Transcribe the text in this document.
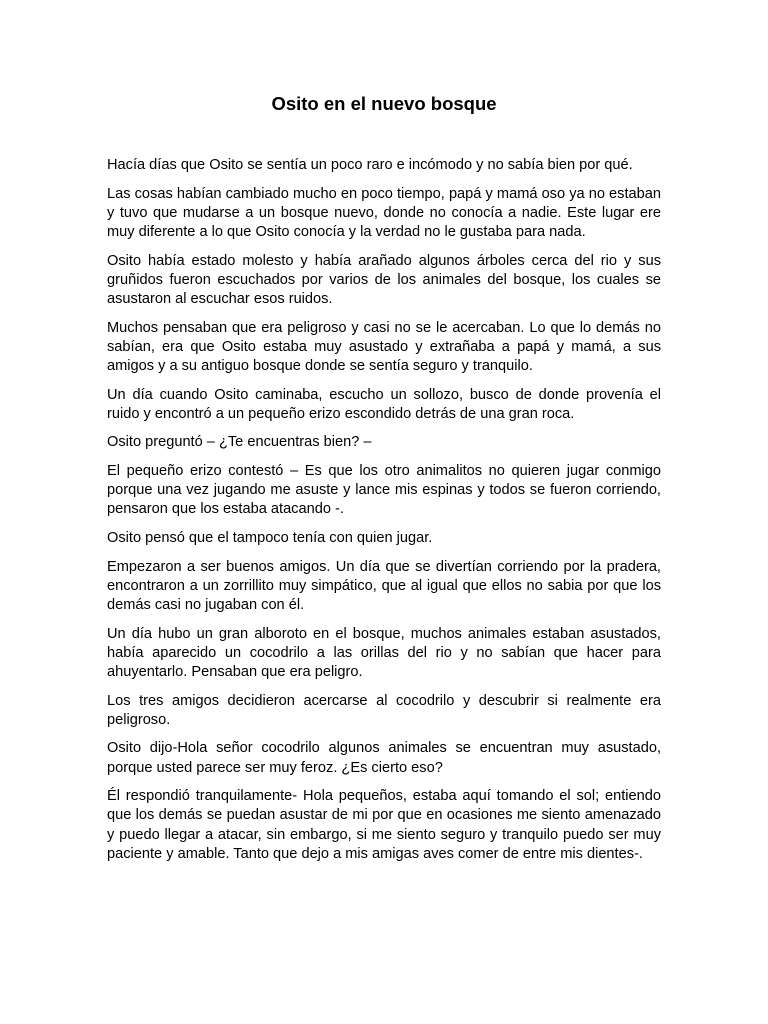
Osito en el nuevo bosque

Hacía días que Osito se sentía un poco raro e incómodo y no sabía bien por qué.

Las cosas habían cambiado mucho en poco tiempo, papá y mamá oso ya no estaban y tuvo que mudarse a un bosque nuevo, donde no conocía a nadie. Este lugar ere muy diferente a lo que Osito conocía y la verdad no le gustaba para nada.

Osito había estado molesto y había arañado algunos árboles cerca del rio y sus gruñidos fueron escuchados por varios de los animales del bosque, los cuales se asustaron al escuchar esos ruidos.

Muchos pensaban que era peligroso y casi no se le acercaban. Lo que lo demás no sabían, era que Osito estaba muy asustado y extrañaba a papá y mamá, a sus amigos y a su antiguo bosque donde se sentía seguro y tranquilo.

Un día cuando Osito caminaba, escucho un sollozo, busco de donde provenía el ruido y encontró a un pequeño erizo escondido detrás de una gran roca.

Osito preguntó – ¿Te encuentras bien? –

El pequeño erizo contestó – Es que los otro animalitos no quieren jugar conmigo porque una vez jugando me asuste y lance mis espinas y todos se fueron corriendo, pensaron que los estaba atacando -.

Osito pensó que el tampoco tenía con quien jugar.

Empezaron a ser buenos amigos. Un día que se divertían corriendo por la pradera, encontraron a un zorrillito muy simpático, que al igual que ellos no sabia por que los demás casi no jugaban con él.

Un día hubo un gran alboroto en el bosque, muchos animales estaban asustados, había aparecido un cocodrilo a las orillas del rio y no sabían que hacer para ahuyentarlo. Pensaban que era peligro.

Los tres amigos decidieron acercarse al cocodrilo y descubrir si realmente era peligroso.

Osito dijo-Hola señor cocodrilo algunos animales se encuentran muy asustado, porque usted parece ser muy feroz. ¿Es cierto eso?

Él respondió tranquilamente- Hola pequeños, estaba aquí tomando el sol; entiendo que los demás se puedan asustar de mi por que en ocasiones me siento amenazado y puedo llegar a atacar, sin embargo, si me siento seguro y tranquilo puedo ser muy paciente y amable. Tanto que dejo a mis amigas aves comer de entre mis dientes-.
